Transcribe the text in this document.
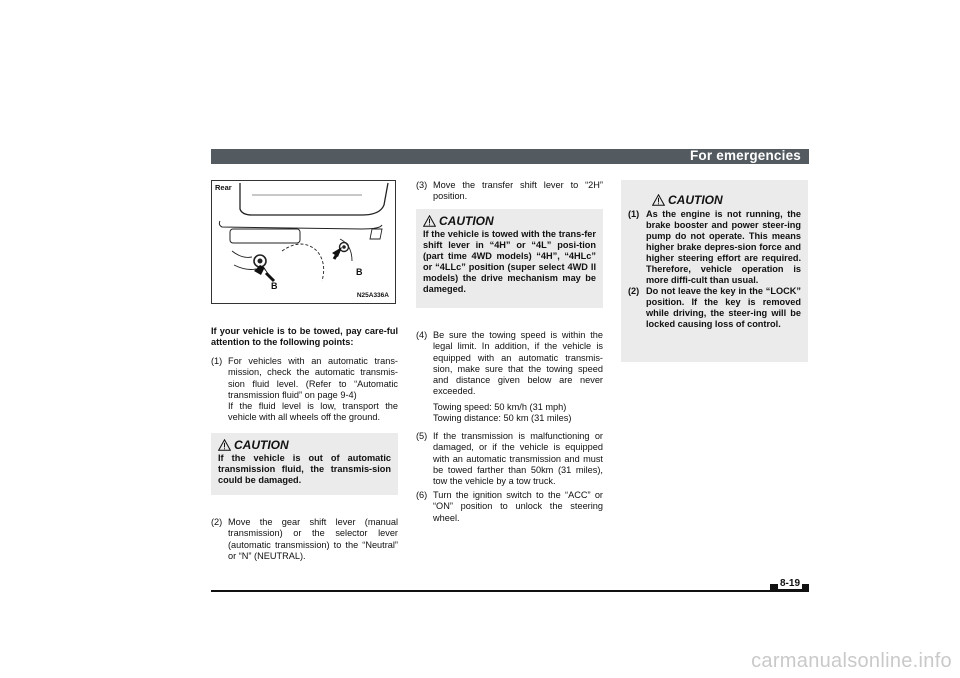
For emergencies
Rear
B
B
N25A336A
If your vehicle is to be towed, pay care-ful attention to the following points:
(1) For vehicles with an automatic trans-mission, check the automatic transmis-sion fluid level. (Refer to “Automatic transmission fluid” on page 9-4)
If the fluid level is low, transport the vehicle with all wheels off the ground.
CAUTION
If the vehicle is out of automatic transmission fluid, the transmis-sion could be damaged.
(2) Move the gear shift lever (manual transmission) or the selector lever (automatic transmission) to the “Neutral” or “N” (NEUTRAL).
(3) Move the transfer shift lever to “2H” position.
CAUTION
If the vehicle is towed with the trans-fer shift lever in “4H” or “4L” posi-tion (part time 4WD models) “4H”, “4HLc” or “4LLc” position (super select 4WD II models) the drive mechanism may be dameged.
(4) Be sure the towing speed is within the legal limit. In addition, if the vehicle is equipped with an automatic transmis-sion, make sure that the towing speed and distance given below are never exceeded.
Towing speed: 50 km/h (31 mph)
Towing distance: 50 km (31 miles)
(5) If the transmission is malfunctioning or damaged, or if the vehicle is equipped with an automatic transmission and must be towed farther than 50km (31 miles), tow the vehicle by a tow truck.
(6) Turn the ignition switch to the “ACC” or “ON” position to unlock the steering wheel.
CAUTION
(1) As the engine is not running, the brake booster and power steer-ing pump do not operate. This means higher brake depres-sion force and higher steering effort are required. Therefore, vehicle operation is more diffi-cult than usual.
(2) Do not leave the key in the “LOCK” position. If the key is removed while driving, the steer-ing will be locked causing loss of control.
8-19
carmanualsonline.info
